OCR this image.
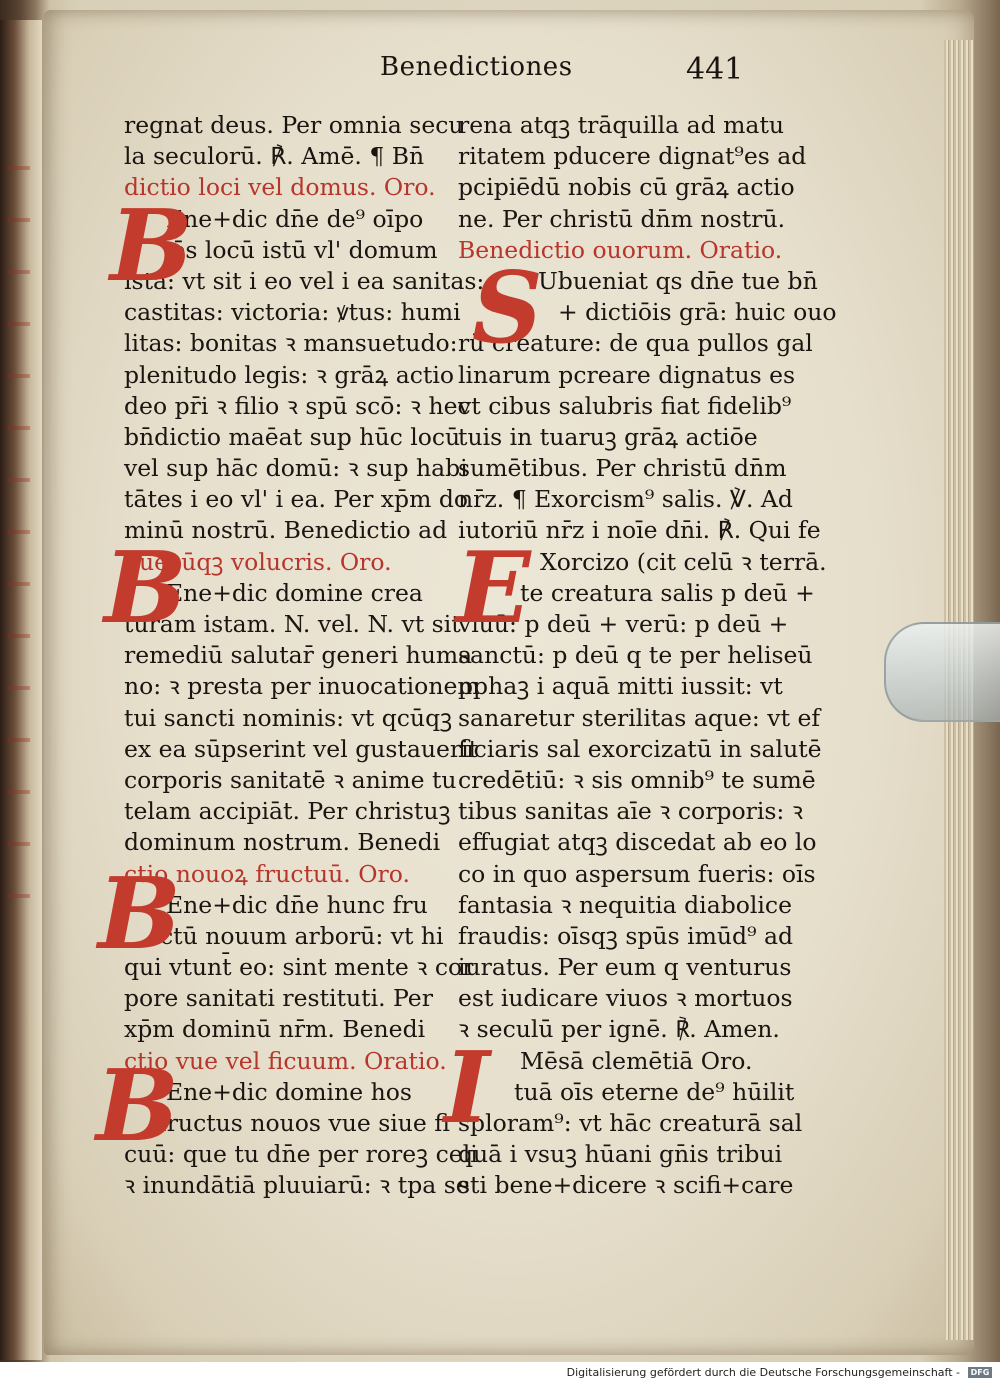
Benedictiones	441
regnat deus. Per omnia secu
la seculorū. ℟. Amē. ¶ Bn̄
dictio loci vel domus. Oro.
Ene+dic dn̄e de⁹ oīpo
tēs locū istū vl' domum
istā: vt sit i eo vel i ea sanitas:
castitas: victoria: ꝟtus: humi
litas: bonitas ꝛ mansuetudo:
plenitudo legis: ꝛ grāꝝ actio
deo pr̄i ꝛ filio ꝛ spū scō: ꝛ hec
bn̄dictio maēat sup hūc locū
vel sup hāc domū: ꝛ sup habi
tātes i eo vl' i ea. Per xp̄m do
minū nostrū. Benedictio ad
quecūqꝫ volucris. Oro.
Ene+dic domine crea
turam istam. N. vel. N. vt sit
remediū salutar̄ generi huma
no: ꝛ presta per inuocationem
tui sancti nominis: vt qcūqꝫ
ex ea sūpserint vel gustauerit
corporis sanitatē ꝛ anime tu
telam accipiāt. Per christuꝫ
dominum nostrum. Benedi
ctio nouoꝝ fructuū. Oro.
Ene+dic dn̄e hunc fru
ctū nouum arborū: vt hi
qui vtunt̄ eo: sint mente ꝛ cor
pore sanitati restituti. Per
xp̄m dominū nr̄m. Benedi
ctio vue vel ficuum. Oratio.
Ene+dic domine hos
fructus nouos vue siue fi
cuū: que tu dn̄e per roreꝫ celi
ꝛ inundātiā pluuiarū: ꝛ tpa se
B
B
B
B
rena atqꝫ trāquilla ad matu
ritatem pducere dignat⁹es ad
pcipiēdū nobis cū grāꝝ actio
ne. Per christū dn̄m nostrū.
Benedictio ouorum. Oratio.
Ubueniat qs dn̄e tue bn̄
+ dictiōis grā: huic ouo
rū creature: de qua pullos gal
linarum pcreare dignatus es
vt cibus salubris fiat fidelib⁹
tuis in tuaruꝫ grāꝝ actiōe
sumētibus. Per christū dn̄m
nr̄z. ¶ Exorcism⁹ salis. ℣. Ad
iutoriū nr̄z i noīe dn̄i. ℟. Qui fe
Xorcizo (cit celū ꝛ terrā.
te creatura salis p deū +
viuū: p deū + verū: p deū +
sanctū: p deū q te per heliseū
pphaꝫ i aquā mitti iussit: vt
sanaretur sterilitas aque: vt ef
ficiaris sal exorcizatū in salutē
credētiū: ꝛ sis omnib⁹ te sumē
tibus sanitas aīe ꝛ corporis: ꝛ
effugiat atqꝫ discedat ab eo lo
co in quo aspersum fueris: oīs
fantasia ꝛ nequitia diabolice
fraudis: oīsqꝫ spūs imūd⁹ ad
iuratus. Per eum q venturus
est iudicare viuos ꝛ mortuos
ꝛ seculū per ignē. ℟. Amen.
Mēsā clemētiā Oro.
tuā oīs eterne de⁹ hūilit
sploram⁹: vt hāc creaturā sal
quā i vsuꝫ hūani gn̄is tribui
sti bene+dicere ꝛ scifi+care
S
E
I
Digitalisierung gefördert durch die Deutsche Forschungsgemeinschaft -	DFG
